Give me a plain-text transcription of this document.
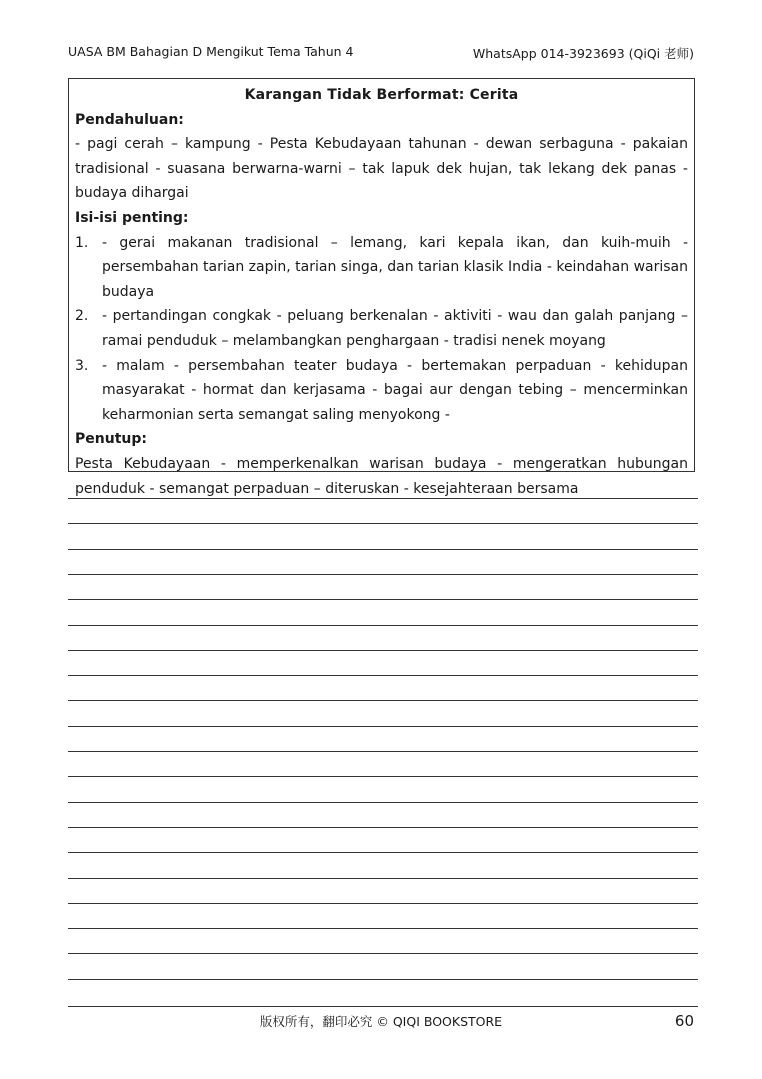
UASA BM Bahagian D Mengikut Tema Tahun 4	WhatsApp 014-3923693 (QiQi 老师)
Karangan Tidak Berformat: Cerita
Pendahuluan:
- pagi cerah – kampung - Pesta Kebudayaan tahunan - dewan serbaguna - pakaian tradisional - suasana berwarna-warni – tak lapuk dek hujan, tak lekang dek panas - budaya dihargai
Isi-isi penting:
1. - gerai makanan tradisional – lemang, kari kepala ikan, dan kuih-muih - persembahan tarian zapin, tarian singa, dan tarian klasik India - keindahan warisan budaya
2. - pertandingan congkak - peluang berkenalan - aktiviti - wau dan galah panjang – ramai penduduk – melambangkan penghargaan - tradisi nenek moyang
3. - malam - persembahan teater budaya - bertemakan perpaduan - kehidupan masyarakat - hormat dan kerjasama - bagai aur dengan tebing – mencerminkan keharmonian serta semangat saling menyokong -
Penutup:
Pesta Kebudayaan - memperkenalkan warisan budaya - mengeratkan hubungan penduduk - semangat perpaduan – diteruskan - kesejahteraan bersama
版权所有，翻印必究 © QIQI BOOKSTORE	60
